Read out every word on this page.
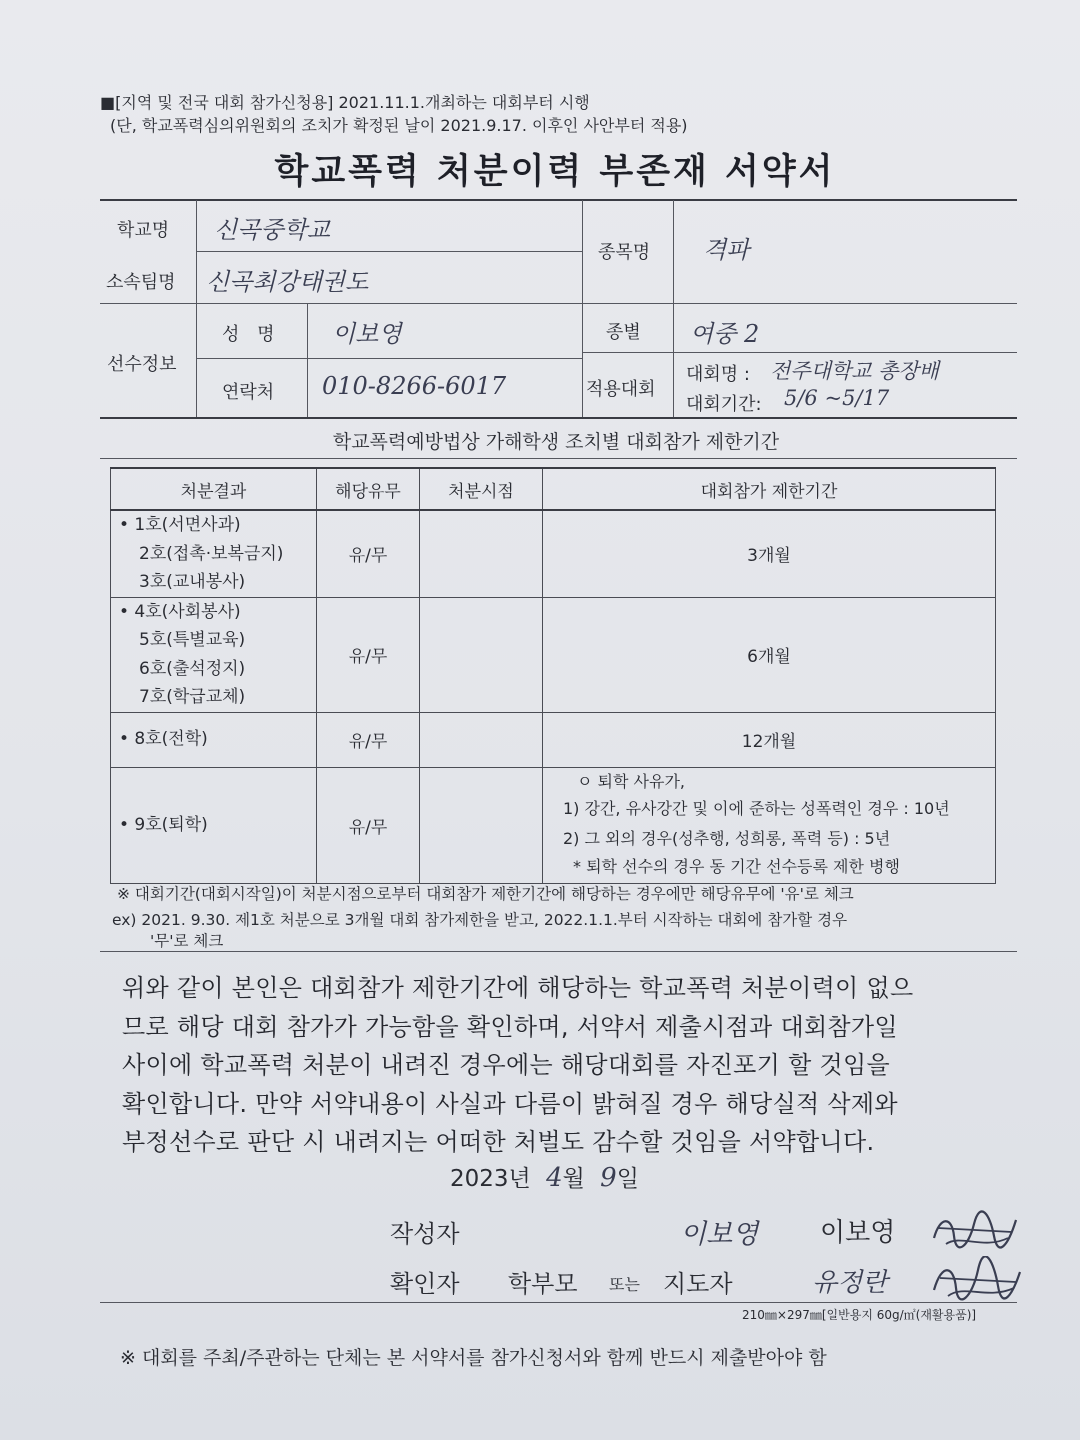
■[지역 및 전국 대회 참가신청용] 2021.11.1.개최하는 대회부터 시행
(단, 학교폭력심의위원회의 조치가 확정된 날이 2021.9.17. 이후인 사안부터 적용)
학교폭력 처분이력 부존재 서약서
학교명 신곡중학교
소속팀명 신곡최강태권도
종목명 격파
선수정보
성 명 이보영
연락처 010-8266-6017
종별 여중 2
적용대회
대회명 : 전주대학교 총장배
대회기간: 5/6 ~5/17
학교폭력예방법상 가해학생 조치별 대회참가 제한기간
처분결과	해당유무	처분시점	대회참가 제한기간

• 1호(서면사과)
2호(접촉·보복금지)
3호(교내봉사)	유/무		3개월

• 4호(사회봉사)
5호(특별교육)
6호(출석정지)
7호(학급교체)	유/무		6개월

• 8호(전학)	유/무		12개월

• 9호(퇴학)	유/무		ㅇ 퇴학 사유가,
1) 강간, 유사강간 및 이에 준하는 성폭력인 경우 : 10년
2) 그 외의 경우(성추행, 성희롱, 폭력 등) : 5년
* 퇴학 선수의 경우 동 기간 선수등록 제한 병행
※ 대회기간(대회시작일)이 처분시점으로부터 대회참가 제한기간에 해당하는 경우에만 해당유무에 '유'로 체크
ex) 2021. 9.30. 제1호 처분으로 3개월 대회 참가제한을 받고, 2022.1.1.부터 시작하는 대회에 참가할 경우
'무'로 체크
위와 같이 본인은 대회참가 제한기간에 해당하는 학교폭력 처분이력이 없으
므로 해당 대회 참가가 가능함을 확인하며, 서약서 제출시점과 대회참가일
사이에 학교폭력 처분이 내려진 경우에는 해당대회를 자진포기 할 것임을
확인합니다. 만약 서약내용이 사실과 다름이 밝혀질 경우 해당실적 삭제와
부정선수로 판단 시 내려지는 어떠한 처벌도 감수할 것임을 서약합니다.
2023년 4월 9일
작성자	이보영 이보영
확인자 학부모 또는 지도자	유정란
210㎜×297㎜[일반용지 60g/㎡(재활용품)]
※ 대회를 주최/주관하는 단체는 본 서약서를 참가신청서와 함께 반드시 제출받아야 함
